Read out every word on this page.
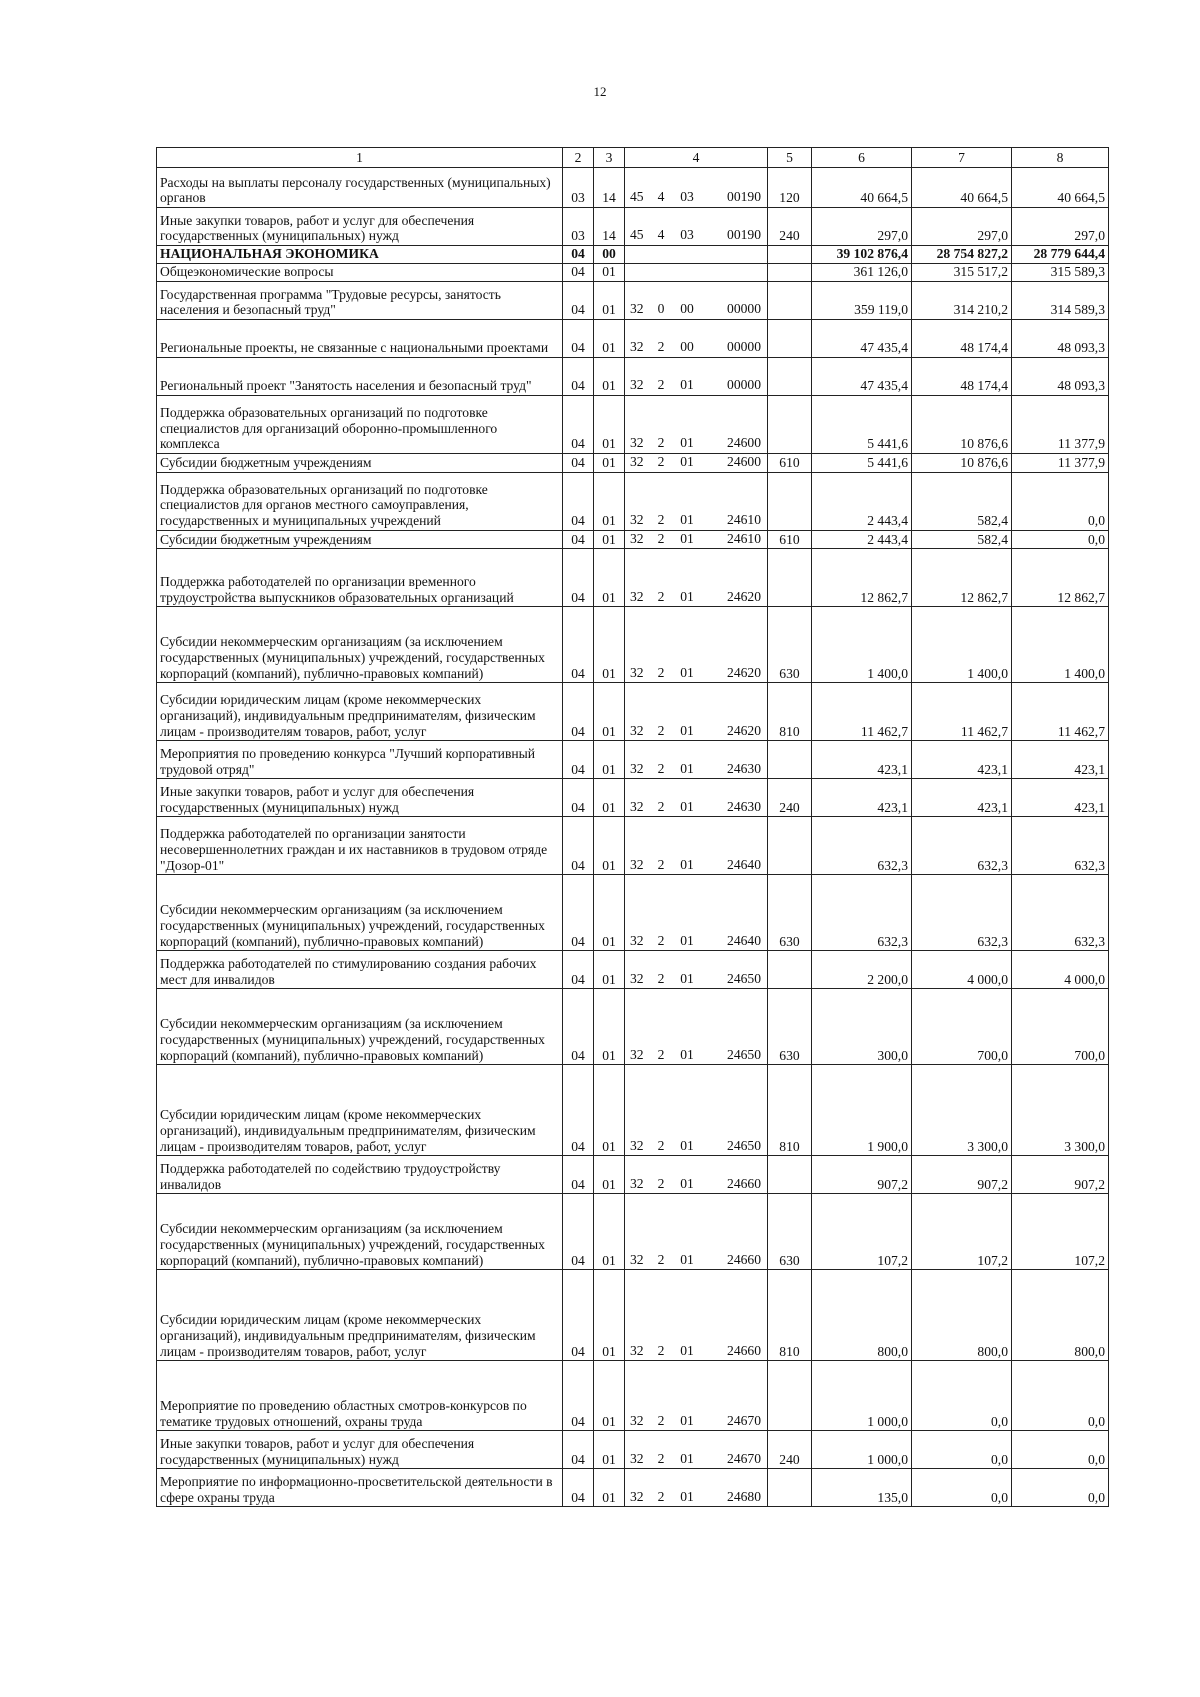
12
1	2	3	4	5	6	7	8
Расходы на выплаты персоналу государственных (муниципальных) органов	03	14	45 4 03 00190	120	40 664,5	40 664,5	40 664,5
Иные закупки товаров, работ и услуг для обеспечения государственных (муниципальных) нужд	03	14	45 4 03 00190	240	297,0	297,0	297,0
НАЦИОНАЛЬНАЯ ЭКОНОМИКА	04	00			39 102 876,4	28 754 827,2	28 779 644,4
Общеэкономические вопросы	04	01			361 126,0	315 517,2	315 589,3
Государственная программа "Трудовые ресурсы, занятость населения и безопасный труд"	04	01	32 0 00 00000		359 119,0	314 210,2	314 589,3
Региональные проекты, не связанные с национальными проектами	04	01	32 2 00 00000		47 435,4	48 174,4	48 093,3
Региональный проект "Занятость населения и безопасный труд"	04	01	32 2 01 00000		47 435,4	48 174,4	48 093,3
Поддержка образовательных организаций по подготовке специалистов для организаций оборонно-промышленного комплекса	04	01	32 2 01 24600		5 441,6	10 876,6	11 377,9
Субсидии бюджетным учреждениям	04	01	32 2 01 24600	610	5 441,6	10 876,6	11 377,9
Поддержка образовательных организаций по подготовке специалистов для органов местного самоуправления, государственных и муниципальных учреждений	04	01	32 2 01 24610		2 443,4	582,4	0,0
Субсидии бюджетным учреждениям	04	01	32 2 01 24610	610	2 443,4	582,4	0,0
Поддержка работодателей по организации временного трудоустройства выпускников образовательных организаций	04	01	32 2 01 24620		12 862,7	12 862,7	12 862,7
Субсидии некоммерческим организациям (за исключением государственных (муниципальных) учреждений, государственных корпораций (компаний), публично-правовых компаний)	04	01	32 2 01 24620	630	1 400,0	1 400,0	1 400,0
Субсидии юридическим лицам (кроме некоммерческих организаций), индивидуальным предпринимателям, физическим лицам - производителям товаров, работ, услуг	04	01	32 2 01 24620	810	11 462,7	11 462,7	11 462,7
Мероприятия по проведению конкурса "Лучший корпоративный трудовой отряд"	04	01	32 2 01 24630		423,1	423,1	423,1
Иные закупки товаров, работ и услуг для обеспечения государственных (муниципальных) нужд	04	01	32 2 01 24630	240	423,1	423,1	423,1
Поддержка работодателей по организации занятости несовершеннолетних граждан и их наставников в трудовом отряде "Дозор-01"	04	01	32 2 01 24640		632,3	632,3	632,3
Субсидии некоммерческим организациям (за исключением государственных (муниципальных) учреждений, государственных корпораций (компаний), публично-правовых компаний)	04	01	32 2 01 24640	630	632,3	632,3	632,3
Поддержка работодателей по стимулированию создания рабочих мест для инвалидов	04	01	32 2 01 24650		2 200,0	4 000,0	4 000,0
Субсидии некоммерческим организациям (за исключением государственных (муниципальных) учреждений, государственных корпораций (компаний), публично-правовых компаний)	04	01	32 2 01 24650	630	300,0	700,0	700,0
Субсидии юридическим лицам (кроме некоммерческих организаций), индивидуальным предпринимателям, физическим лицам - производителям товаров, работ, услуг	04	01	32 2 01 24650	810	1 900,0	3 300,0	3 300,0
Поддержка работодателей по содействию трудоустройству инвалидов	04	01	32 2 01 24660		907,2	907,2	907,2
Субсидии некоммерческим организациям (за исключением государственных (муниципальных) учреждений, государственных корпораций (компаний), публично-правовых компаний)	04	01	32 2 01 24660	630	107,2	107,2	107,2
Субсидии юридическим лицам (кроме некоммерческих организаций), индивидуальным предпринимателям, физическим лицам - производителям товаров, работ, услуг	04	01	32 2 01 24660	810	800,0	800,0	800,0
Мероприятие по проведению областных смотров-конкурсов по тематике трудовых отношений, охраны труда	04	01	32 2 01 24670		1 000,0	0,0	0,0
Иные закупки товаров, работ и услуг для обеспечения государственных (муниципальных) нужд	04	01	32 2 01 24670	240	1 000,0	0,0	0,0
Мероприятие по информационно-просветительской деятельности в сфере охраны труда	04	01	32 2 01 24680		135,0	0,0	0,0
